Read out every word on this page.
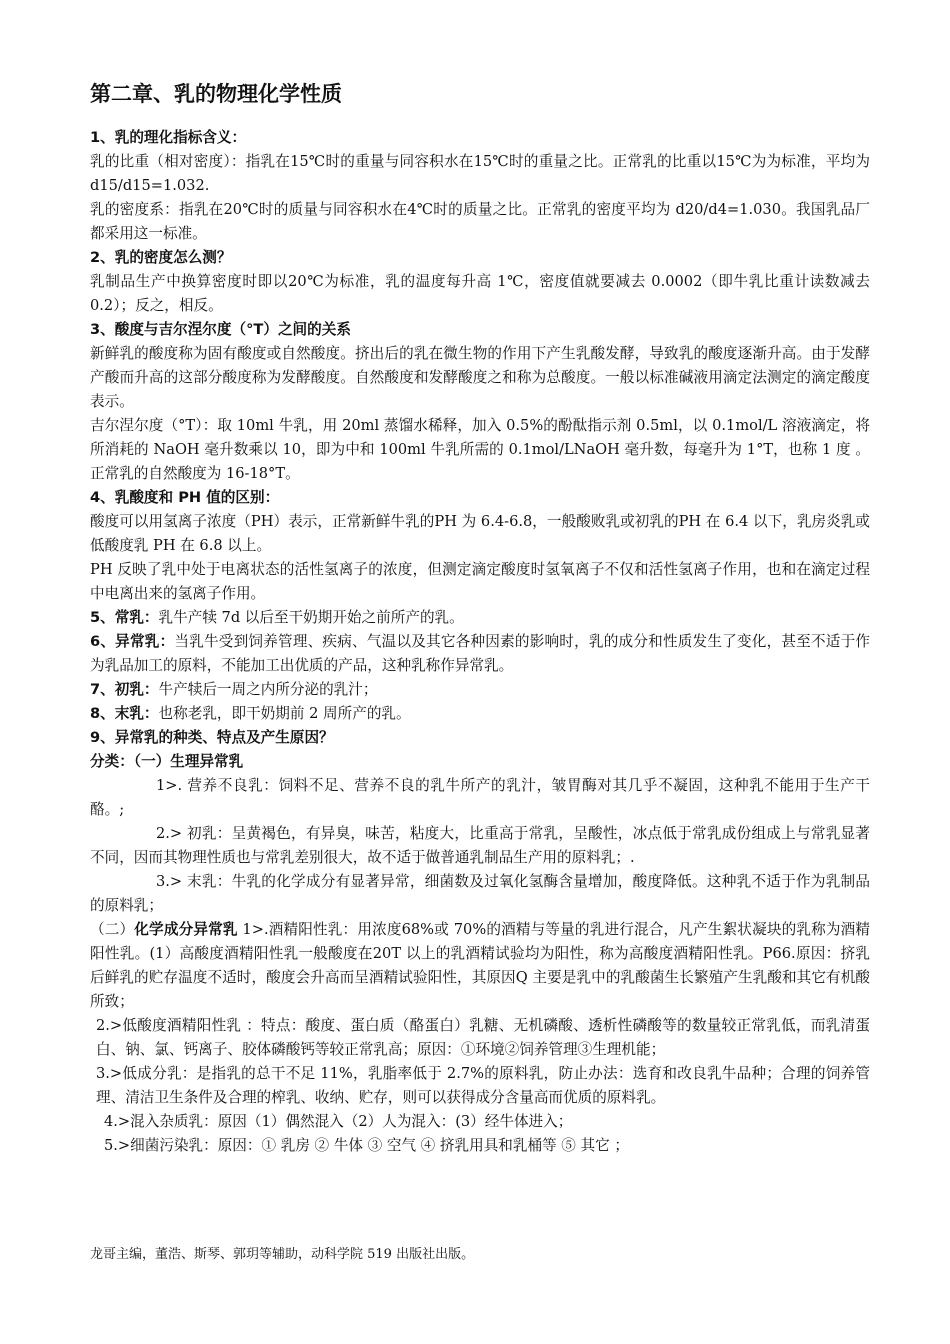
第二章、乳的物理化学性质

1、乳的理化指标含义：

乳的比重（相对密度）：指乳在15℃时的重量与同容积水在15℃时的重量之比。正常乳的比重以15℃为为标准，平均为 d15/d15=1.032.

乳的密度系：指乳在20℃时的质量与同容积水在4℃时的质量之比。正常乳的密度平均为 d20/d4=1.030。我国乳品厂都采用这一标准。

2、乳的密度怎么测？

乳制品生产中换算密度时即以20℃为标准，乳的温度每升高 1℃，密度值就要减去 0.0002（即牛乳比重计读数减去 0.2）；反之，相反。

3、酸度与吉尔涅尔度（°T）之间的关系

新鲜乳的酸度称为固有酸度或自然酸度。挤出后的乳在微生物的作用下产生乳酸发酵，导致乳的酸度逐渐升高。由于发酵产酸而升高的这部分酸度称为发酵酸度。自然酸度和发酵酸度之和称为总酸度。一般以标准碱液用滴定法测定的滴定酸度表示。

吉尔涅尔度（°T）：取 10ml 牛乳，用 20ml 蒸馏水稀释，加入 0.5%的酚酞指示剂 0.5ml，以 0.1mol/L 溶液滴定，将所消耗的 NaOH 毫升数乘以 10，即为中和 100ml 牛乳所需的 0.1mol/LNaOH 毫升数，每毫升为 1°T，也称 1 度 。正常乳的自然酸度为 16-18°T。

4、乳酸度和 PH 值的区别：

酸度可以用氢离子浓度（PH）表示，正常新鲜牛乳的PH 为 6.4-6.8，一般酸败乳或初乳的PH 在 6.4 以下，乳房炎乳或低酸度乳 PH 在 6.8 以上。

PH 反映了乳中处于电离状态的活性氢离子的浓度，但测定滴定酸度时氢氧离子不仅和活性氢离子作用，也和在滴定过程中电离出来的氢离子作用。

5、常乳：乳牛产犊 7d 以后至干奶期开始之前所产的乳。

6、异常乳：当乳牛受到饲养管理、疾病、气温以及其它各种因素的影响时，乳的成分和性质发生了变化，甚至不适于作为乳品加工的原料，不能加工出优质的产品，这种乳称作异常乳。

7、初乳：牛产犊后一周之内所分泌的乳汁；

8、末乳：也称老乳，即干奶期前 2 周所产的乳。

9、异常乳的种类、特点及产生原因？

分类：（一）生理异常乳

1>. 营养不良乳：饲料不足、营养不良的乳牛所产的乳汁，皱胃酶对其几乎不凝固，这种乳不能用于生产干酪。;

2.> 初乳：呈黄褐色，有异臭，味苦，粘度大，比重高于常乳，呈酸性，冰点低于常乳成份组成上与常乳显著不同，因而其物理性质也与常乳差别很大，故不适于做普通乳制品生产用的原料乳；.

3.> 末乳：牛乳的化学成分有显著异常，细菌数及过氧化氢酶含量增加，酸度降低。这种乳不适于作为乳制品的原料乳；

（二）化学成分异常乳 1>.酒精阳性乳：用浓度68%或 70%的酒精与等量的乳进行混合，凡产生絮状凝块的乳称为酒精阳性乳。(1）高酸度酒精阳性乳一般酸度在20T 以上的乳酒精试验均为阳性，称为高酸度酒精阳性乳。P66.原因：挤乳后鲜乳的贮存温度不适时，酸度会升高而呈酒精试验阳性，其原因Q 主要是乳中的乳酸菌生长繁殖产生乳酸和其它有机酸所致；

2.>低酸度酒精阳性乳 ：特点：酸度、蛋白质（酪蛋白）乳糖、无机磷酸、透析性磷酸等的数量较正常乳低，而乳清蛋白、钠、氯、钙离子、胶体磷酸钙等较正常乳高；原因：①环境②饲养管理③生理机能；

3.>低成分乳：是指乳的总干不足 11%，乳脂率低于 2.7%的原料乳，防止办法：选育和改良乳牛品种；合理的饲养管理、清洁卫生条件及合理的榨乳、收纳、贮存，则可以获得成分含量高而优质的原料乳。

4.>混入杂质乳：原因（1）偶然混入（2）人为混入：(3）经牛体进入；

5.>细菌污染乳：原因：① 乳房 ② 牛体 ③ 空气 ④ 挤乳用具和乳桶等 ⑤ 其它 ；

龙哥主编，董浩、斯琴、郭玥等辅助，动科学院 519 出版社出版。
